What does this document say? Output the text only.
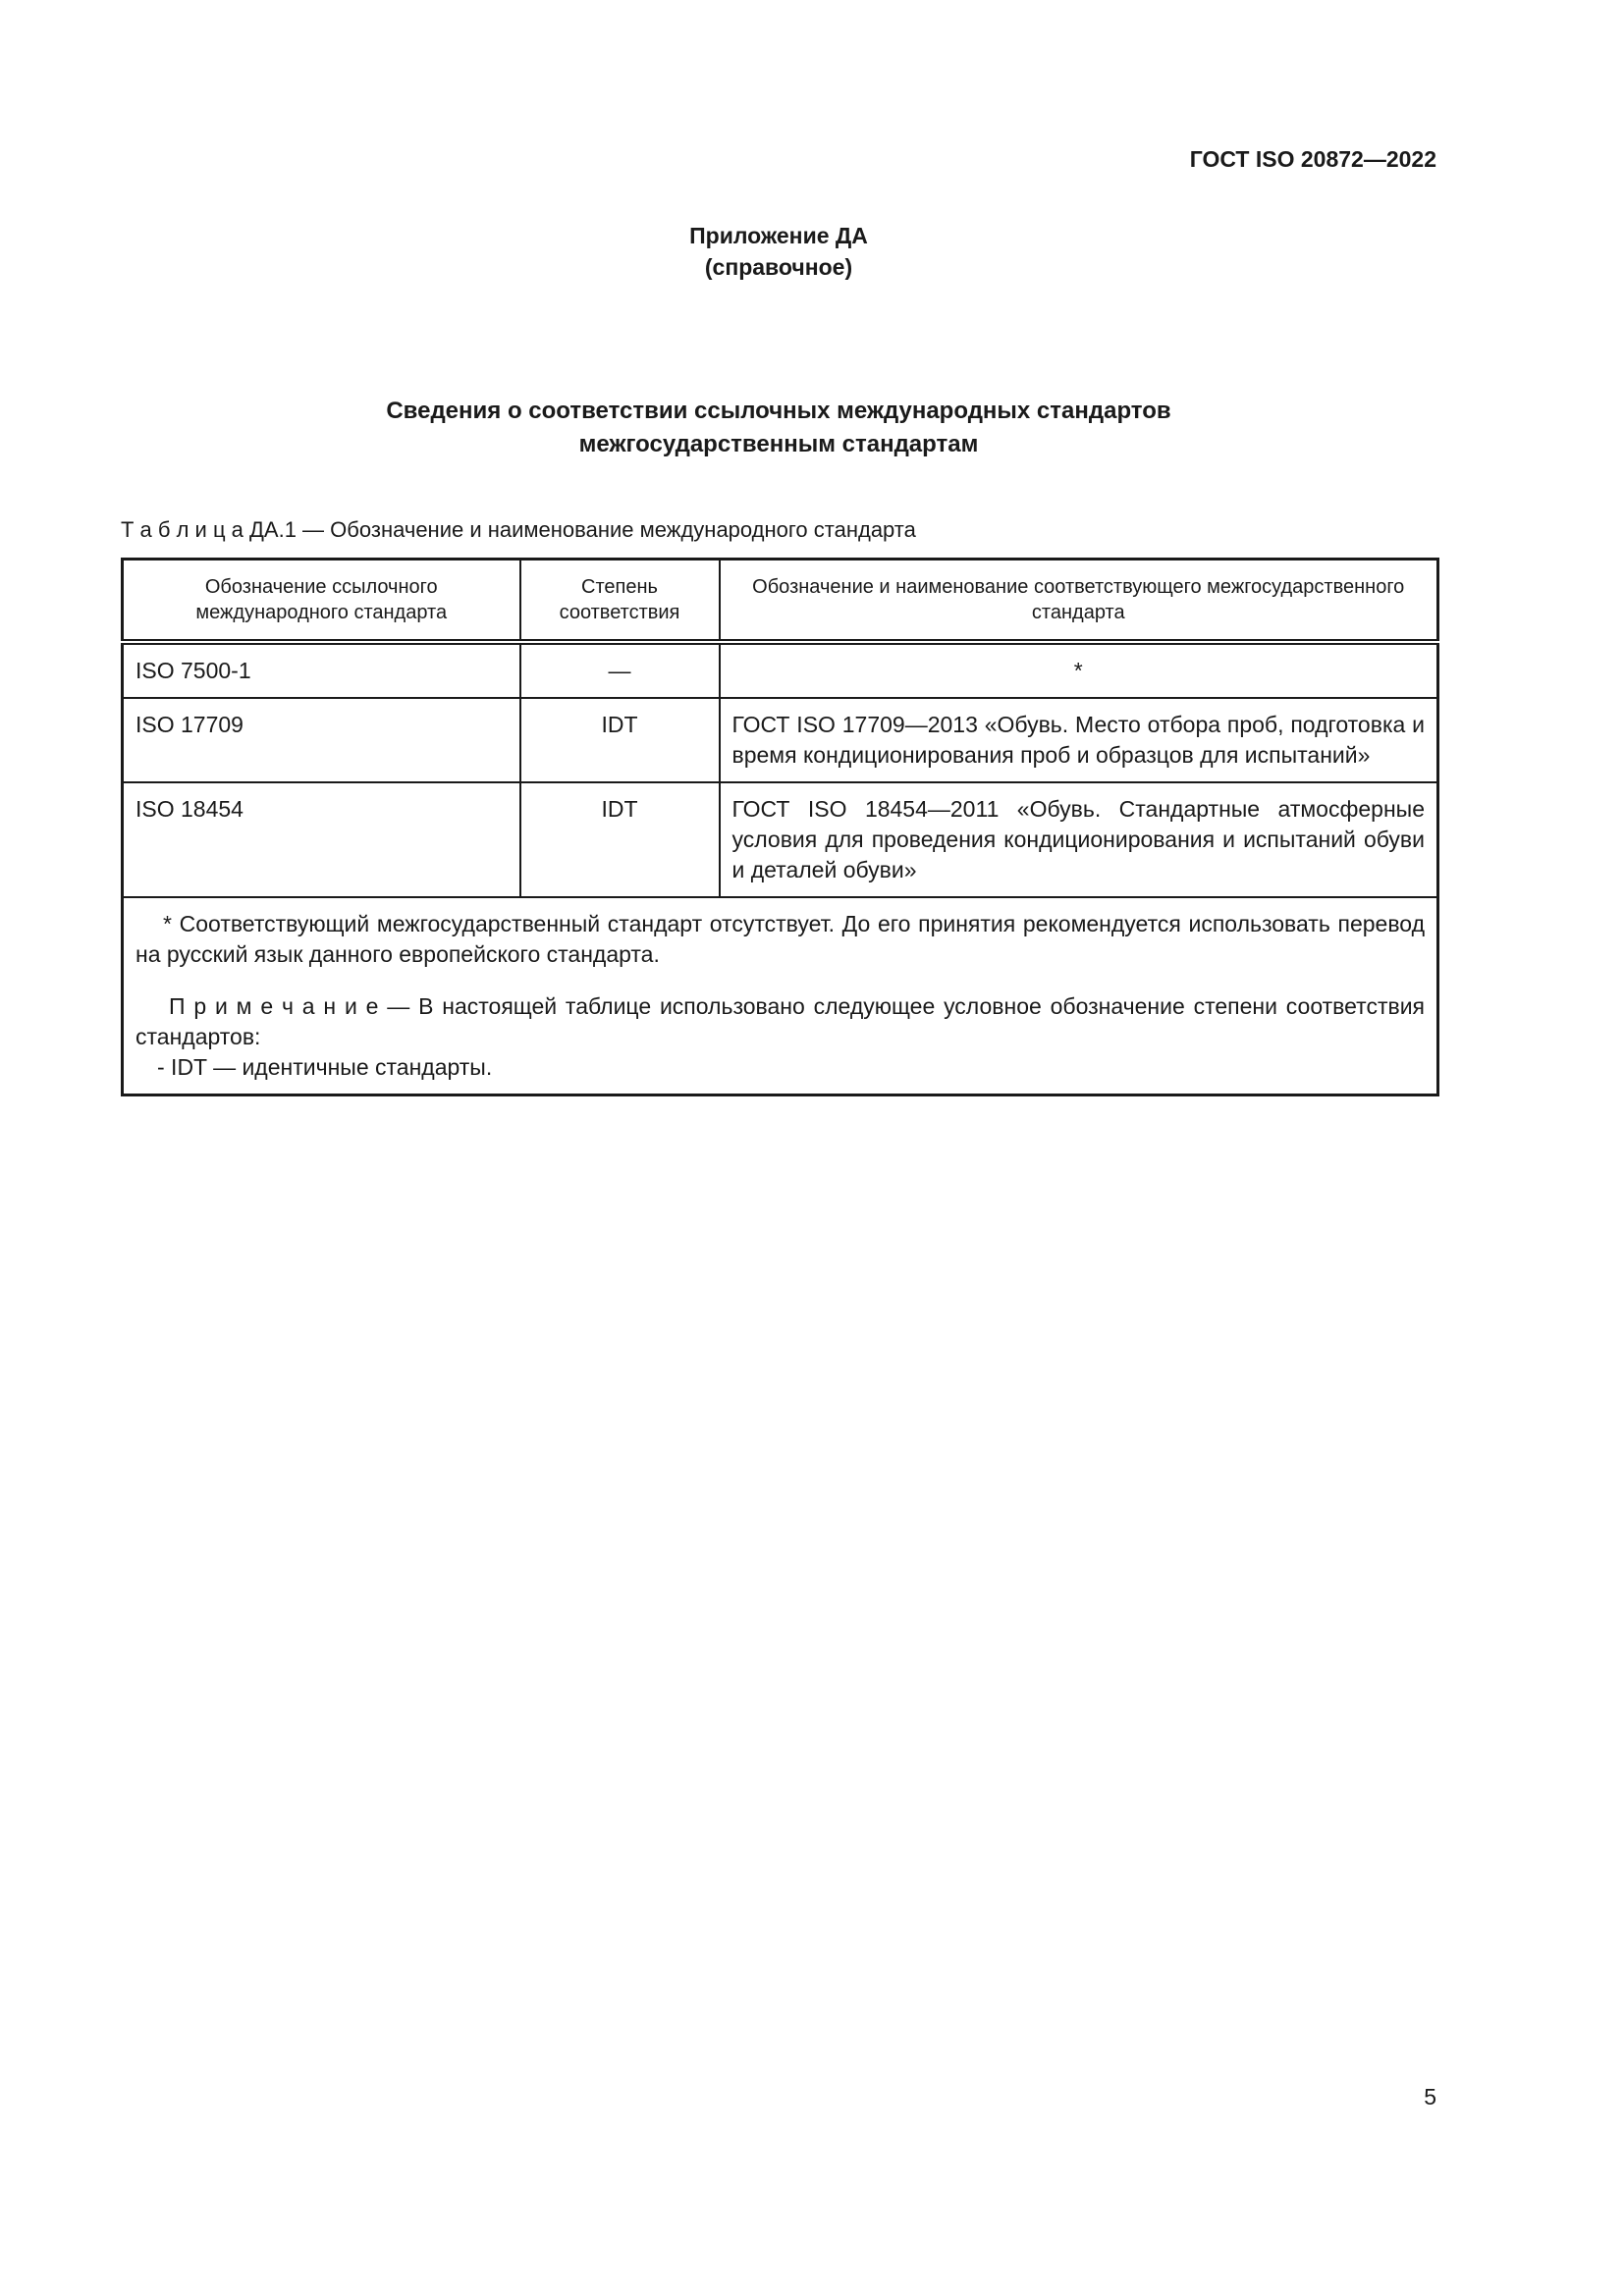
ГОСТ ISO 20872—2022
Приложение ДА
(справочное)
Сведения о соответствии ссылочных международных стандартов
межгосударственным стандартам
Т а б л и ц а ДА.1 — Обозначение и наименование международного стандарта
Обозначение ссылочного международного стандарта	Степень соответствия	Обозначение и наименование соответствующего межгосударственного стандарта
ISO 7500-1	—	*
ISO 17709	IDT	ГОСТ ISO 17709—2013 «Обувь. Место отбора проб, подготовка и время кондиционирования проб и образцов для испытаний»
ISO 18454	IDT	ГОСТ ISO 18454—2011 «Обувь. Стандартные атмосферные условия для проведения кондиционирования и испытаний обуви и деталей обуви»

* Соответствующий межгосударственный стандарт отсутствует. До его принятия рекомендуется использовать перевод на русский язык данного европейского стандарта.
П р и м е ч а н и е — В настоящей таблице использовано следующее условное обозначение степени соответствия стандартов:
- IDT — идентичные стандарты.		
5
